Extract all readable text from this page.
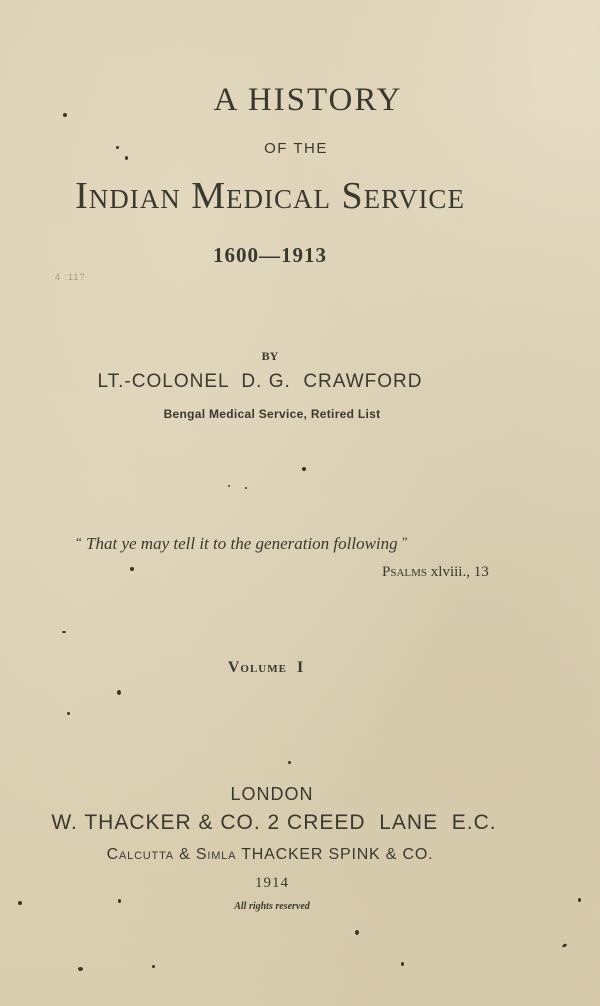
4 :11?
A HISTORY
OF THE
Indian Medical Service
1600—1913
BY
LT.-COLONEL  D. G.  CRAWFORD
Bengal Medical Service, Retired List
“ That ye may tell it to the generation following ”
Psalms xlviii., 13
Volume  I
LONDON
W. THACKER & CO. 2 CREED  LANE  E.C.
Calcutta & Simla THACKER SPINK & CO.
1914
All rights reserved
